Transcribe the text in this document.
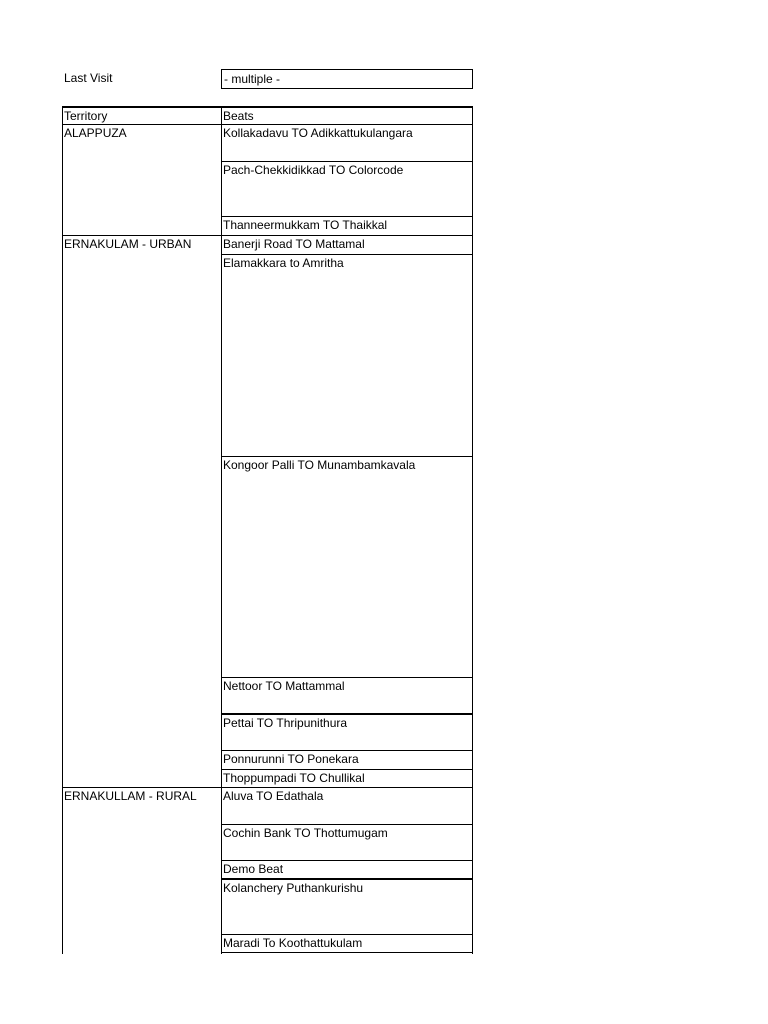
Last Visit	- multiple -
Territory	Beats
ALAPPUZA
ERNAKULAM - URBAN
ERNAKULLAM - RURAL
Kollakadavu TO Adikkattukulangara
Pach-Chekkidikkad TO Colorcode
Thanneermukkam TO Thaikkal
Banerji Road TO Mattamal
Elamakkara to Amritha
Kongoor Palli TO Munambamkavala
Nettoor TO Mattammal
Pettai TO Thripunithura
Ponnurunni TO Ponekara
Thoppumpadi TO Chullikal
Aluva TO Edathala
Cochin Bank TO Thottumugam
Demo Beat
Kolanchery Puthankurishu
Maradi To Koothattukulam
